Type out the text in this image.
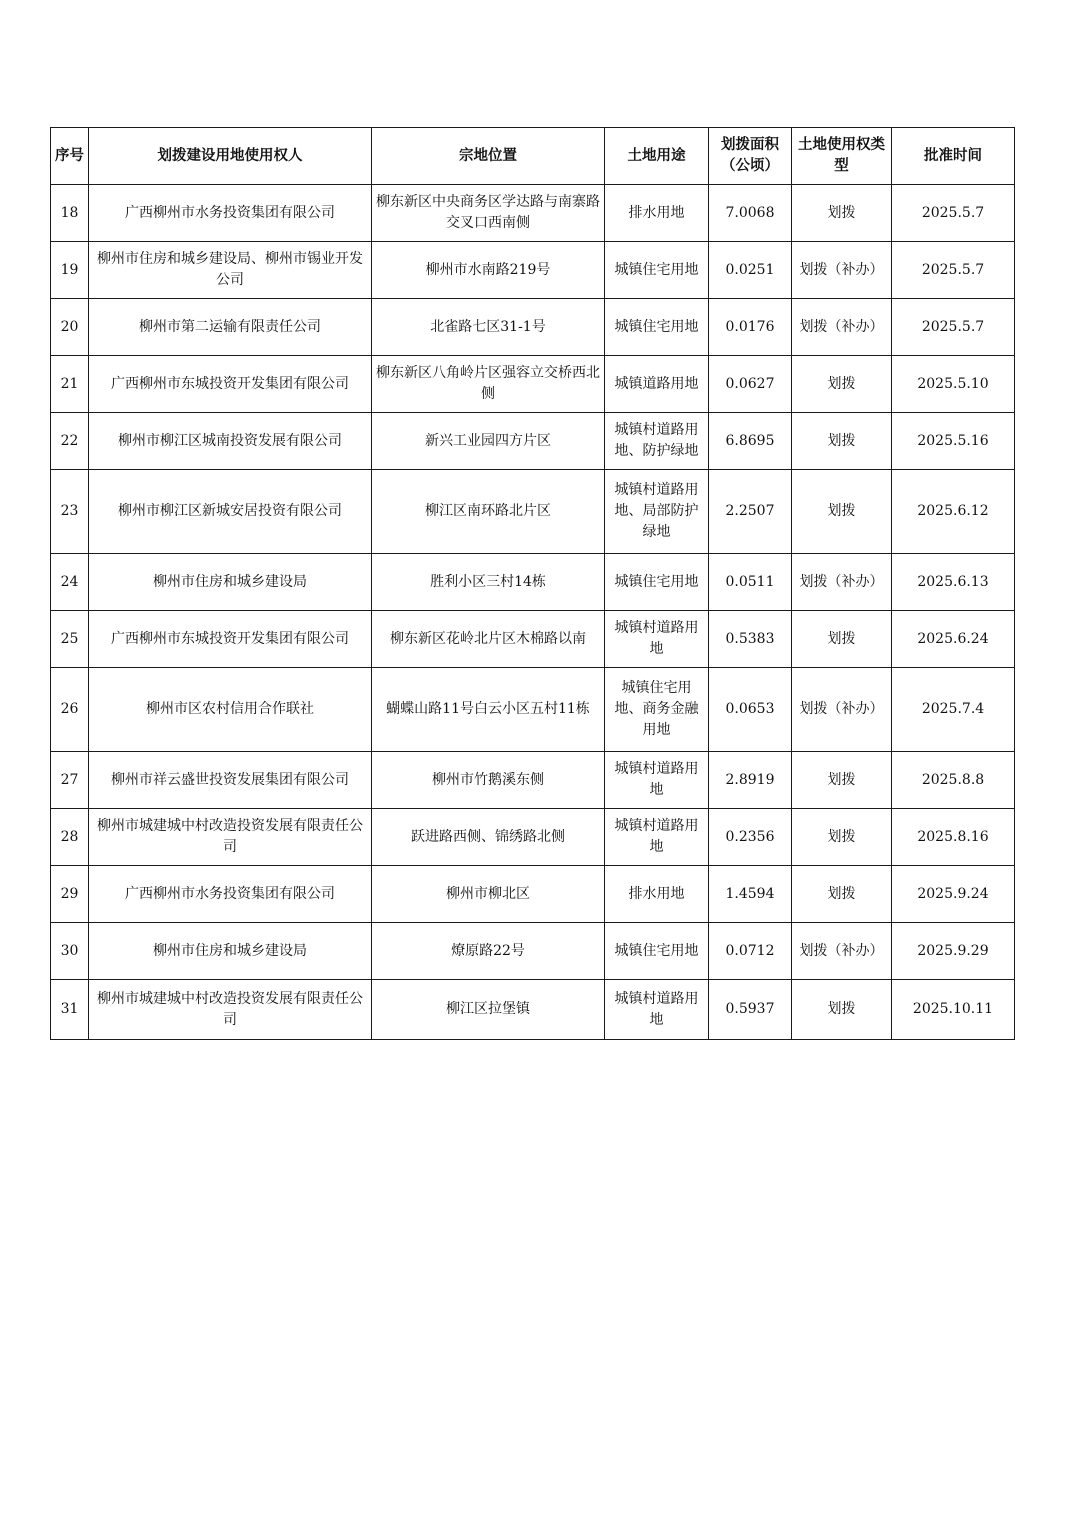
序号	划拨建设用地使用权人	宗地位置	土地用途	划拨面积（公顷）	土地使用权类型	批准时间
18	广西柳州市水务投资集团有限公司	柳东新区中央商务区学达路与南寨路交叉口西南侧	排水用地	7.0068	划拨	2025.5.7
19	柳州市住房和城乡建设局、柳州市锡业开发公司	柳州市水南路219号	城镇住宅用地	0.0251	划拨（补办）	2025.5.7
20	柳州市第二运输有限责任公司	北雀路七区31-1号	城镇住宅用地	0.0176	划拨（补办）	2025.5.7
21	广西柳州市东城投资开发集团有限公司	柳东新区八角岭片区强容立交桥西北侧	城镇道路用地	0.0627	划拨	2025.5.10
22	柳州市柳江区城南投资发展有限公司	新兴工业园四方片区	城镇村道路用地、防护绿地	6.8695	划拨	2025.5.16
23	柳州市柳江区新城安居投资有限公司	柳江区南环路北片区	城镇村道路用地、局部防护绿地	2.2507	划拨	2025.6.12
24	柳州市住房和城乡建设局	胜利小区三村14栋	城镇住宅用地	0.0511	划拨（补办）	2025.6.13
25	广西柳州市东城投资开发集团有限公司	柳东新区花岭北片区木棉路以南	城镇村道路用地	0.5383	划拨	2025.6.24
26	柳州市区农村信用合作联社	蝴蝶山路11号白云小区五村11栋	城镇住宅用地、商务金融用地	0.0653	划拨（补办）	2025.7.4
27	柳州市祥云盛世投资发展集团有限公司	柳州市竹鹅溪东侧	城镇村道路用地	2.8919	划拨	2025.8.8
28	柳州市城建城中村改造投资发展有限责任公司	跃进路西侧、锦绣路北侧	城镇村道路用地	0.2356	划拨	2025.8.16
29	广西柳州市水务投资集团有限公司	柳州市柳北区	排水用地	1.4594	划拨	2025.9.24
30	柳州市住房和城乡建设局	燎原路22号	城镇住宅用地	0.0712	划拨（补办）	2025.9.29
31	柳州市城建城中村改造投资发展有限责任公司	柳江区拉堡镇	城镇村道路用地	0.5937	划拨	2025.10.11
